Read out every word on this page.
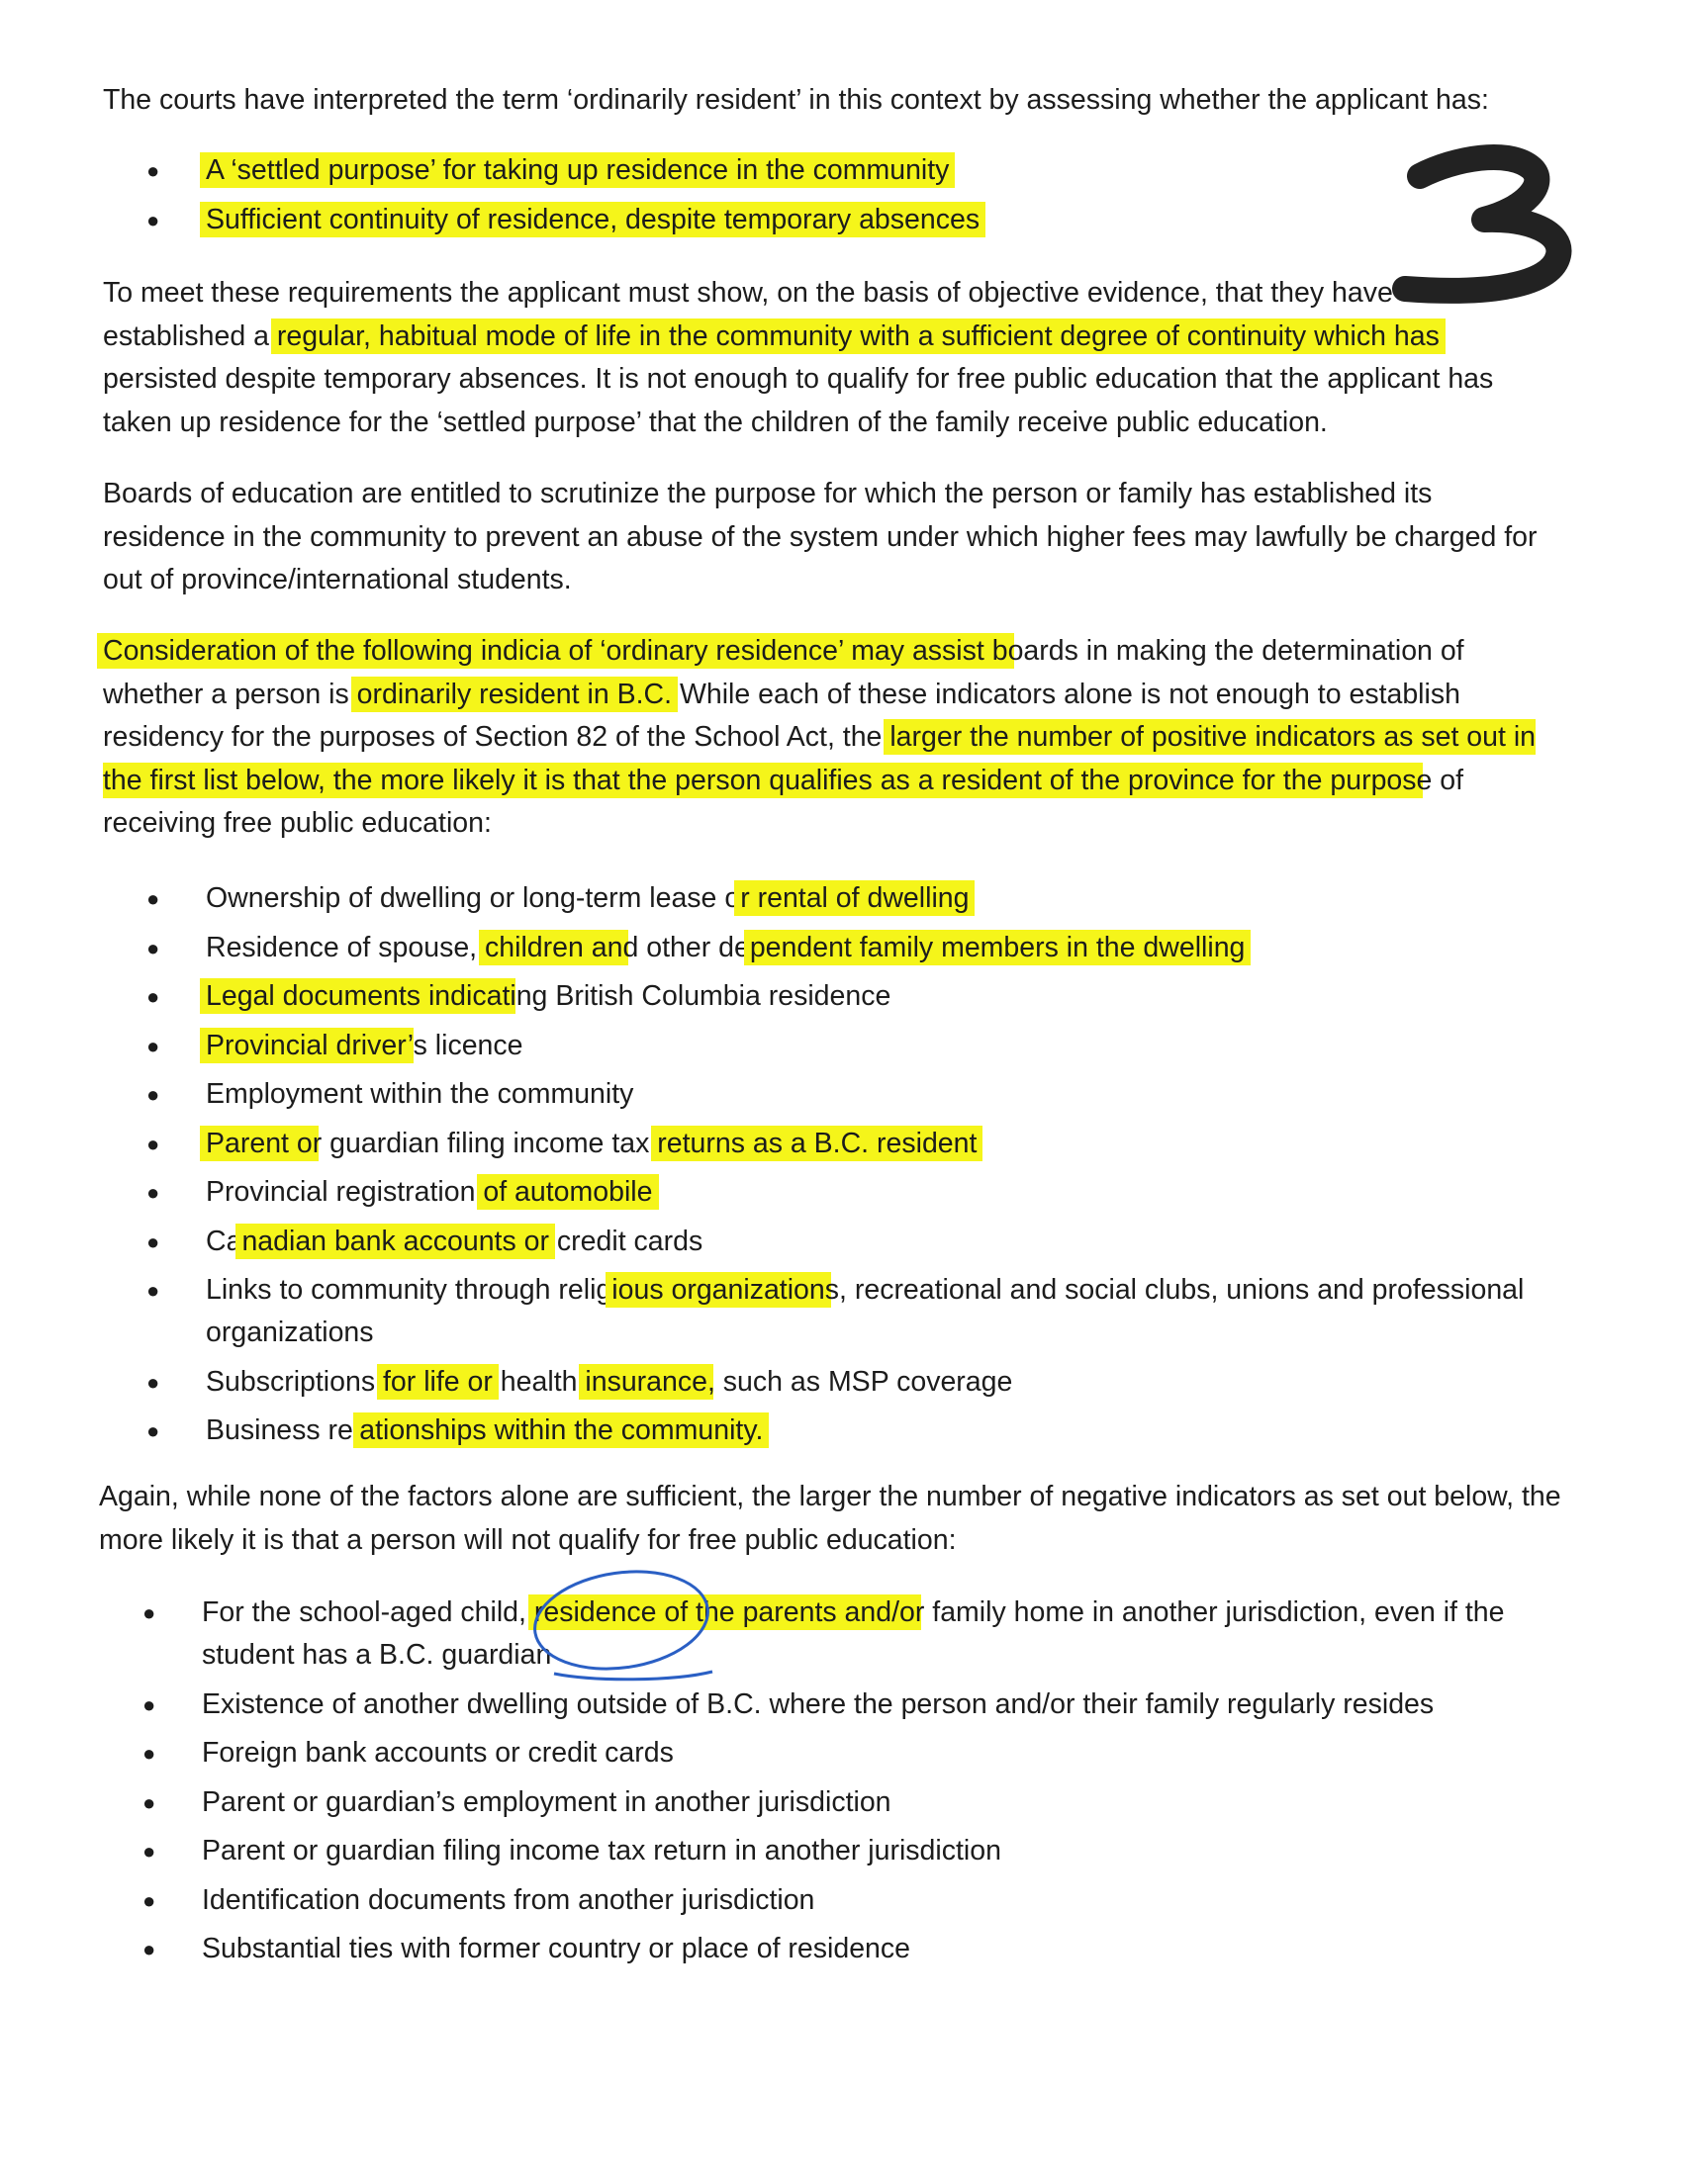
The courts have interpreted the term ‘ordinarily resident’ in this context by assessing whether the applicant has:

● A ‘settled purpose’ for taking up residence in the community
● Sufficient continuity of residence, despite temporary absences

To meet these requirements the applicant must show, on the basis of objective evidence, that they have established a regular, habitual mode of life in the community with a sufficient degree of continuity which has persisted despite temporary absences. It is not enough to qualify for free public education that the applicant has taken up residence for the ‘settled purpose’ that the children of the family receive public education.

Boards of education are entitled to scrutinize the purpose for which the person or family has established its residence in the community to prevent an abuse of the system under which higher fees may lawfully be charged for out of province/international students.

Consideration of the following indicia of ‘ordinary residence’ may assist boards in making the determination of whether a person is ordinarily resident in B.C. While each of these indicators alone is not enough to establish residency for the purposes of Section 82 of the School Act, the larger the number of positive indicators as set out in the first list below, the more likely it is that the person qualifies as a resident of the province for the purpose of receiving free public education:

● Ownership of dwelling or long-term lease or rental of dwelling
● Residence of spouse, children and other dependent family members in the dwelling
● Legal documents indicating British Columbia residence
● Provincial driver’s licence
● Employment within the community
● Parent or guardian filing income tax returns as a B.C. resident
● Provincial registration of automobile
● Canadian bank accounts or credit cards
● Links to community through religious organizations, recreational and social clubs, unions and professional organizations
● Subscriptions for life or health insurance, such as MSP coverage
● Business relationships within the community.

Again, while none of the factors alone are sufficient, the larger the number of negative indicators as set out below, the more likely it is that a person will not qualify for free public education:

● For the school-aged child, residence of the parents and/or family home in another jurisdiction, even if the student has a B.C. guardian
● Existence of another dwelling outside of B.C. where the person and/or their family regularly resides
● Foreign bank accounts or credit cards
● Parent or guardian’s employment in another jurisdiction
● Parent or guardian filing income tax return in another jurisdiction
● Identification documents from another jurisdiction
● Substantial ties with former country or place of residence
